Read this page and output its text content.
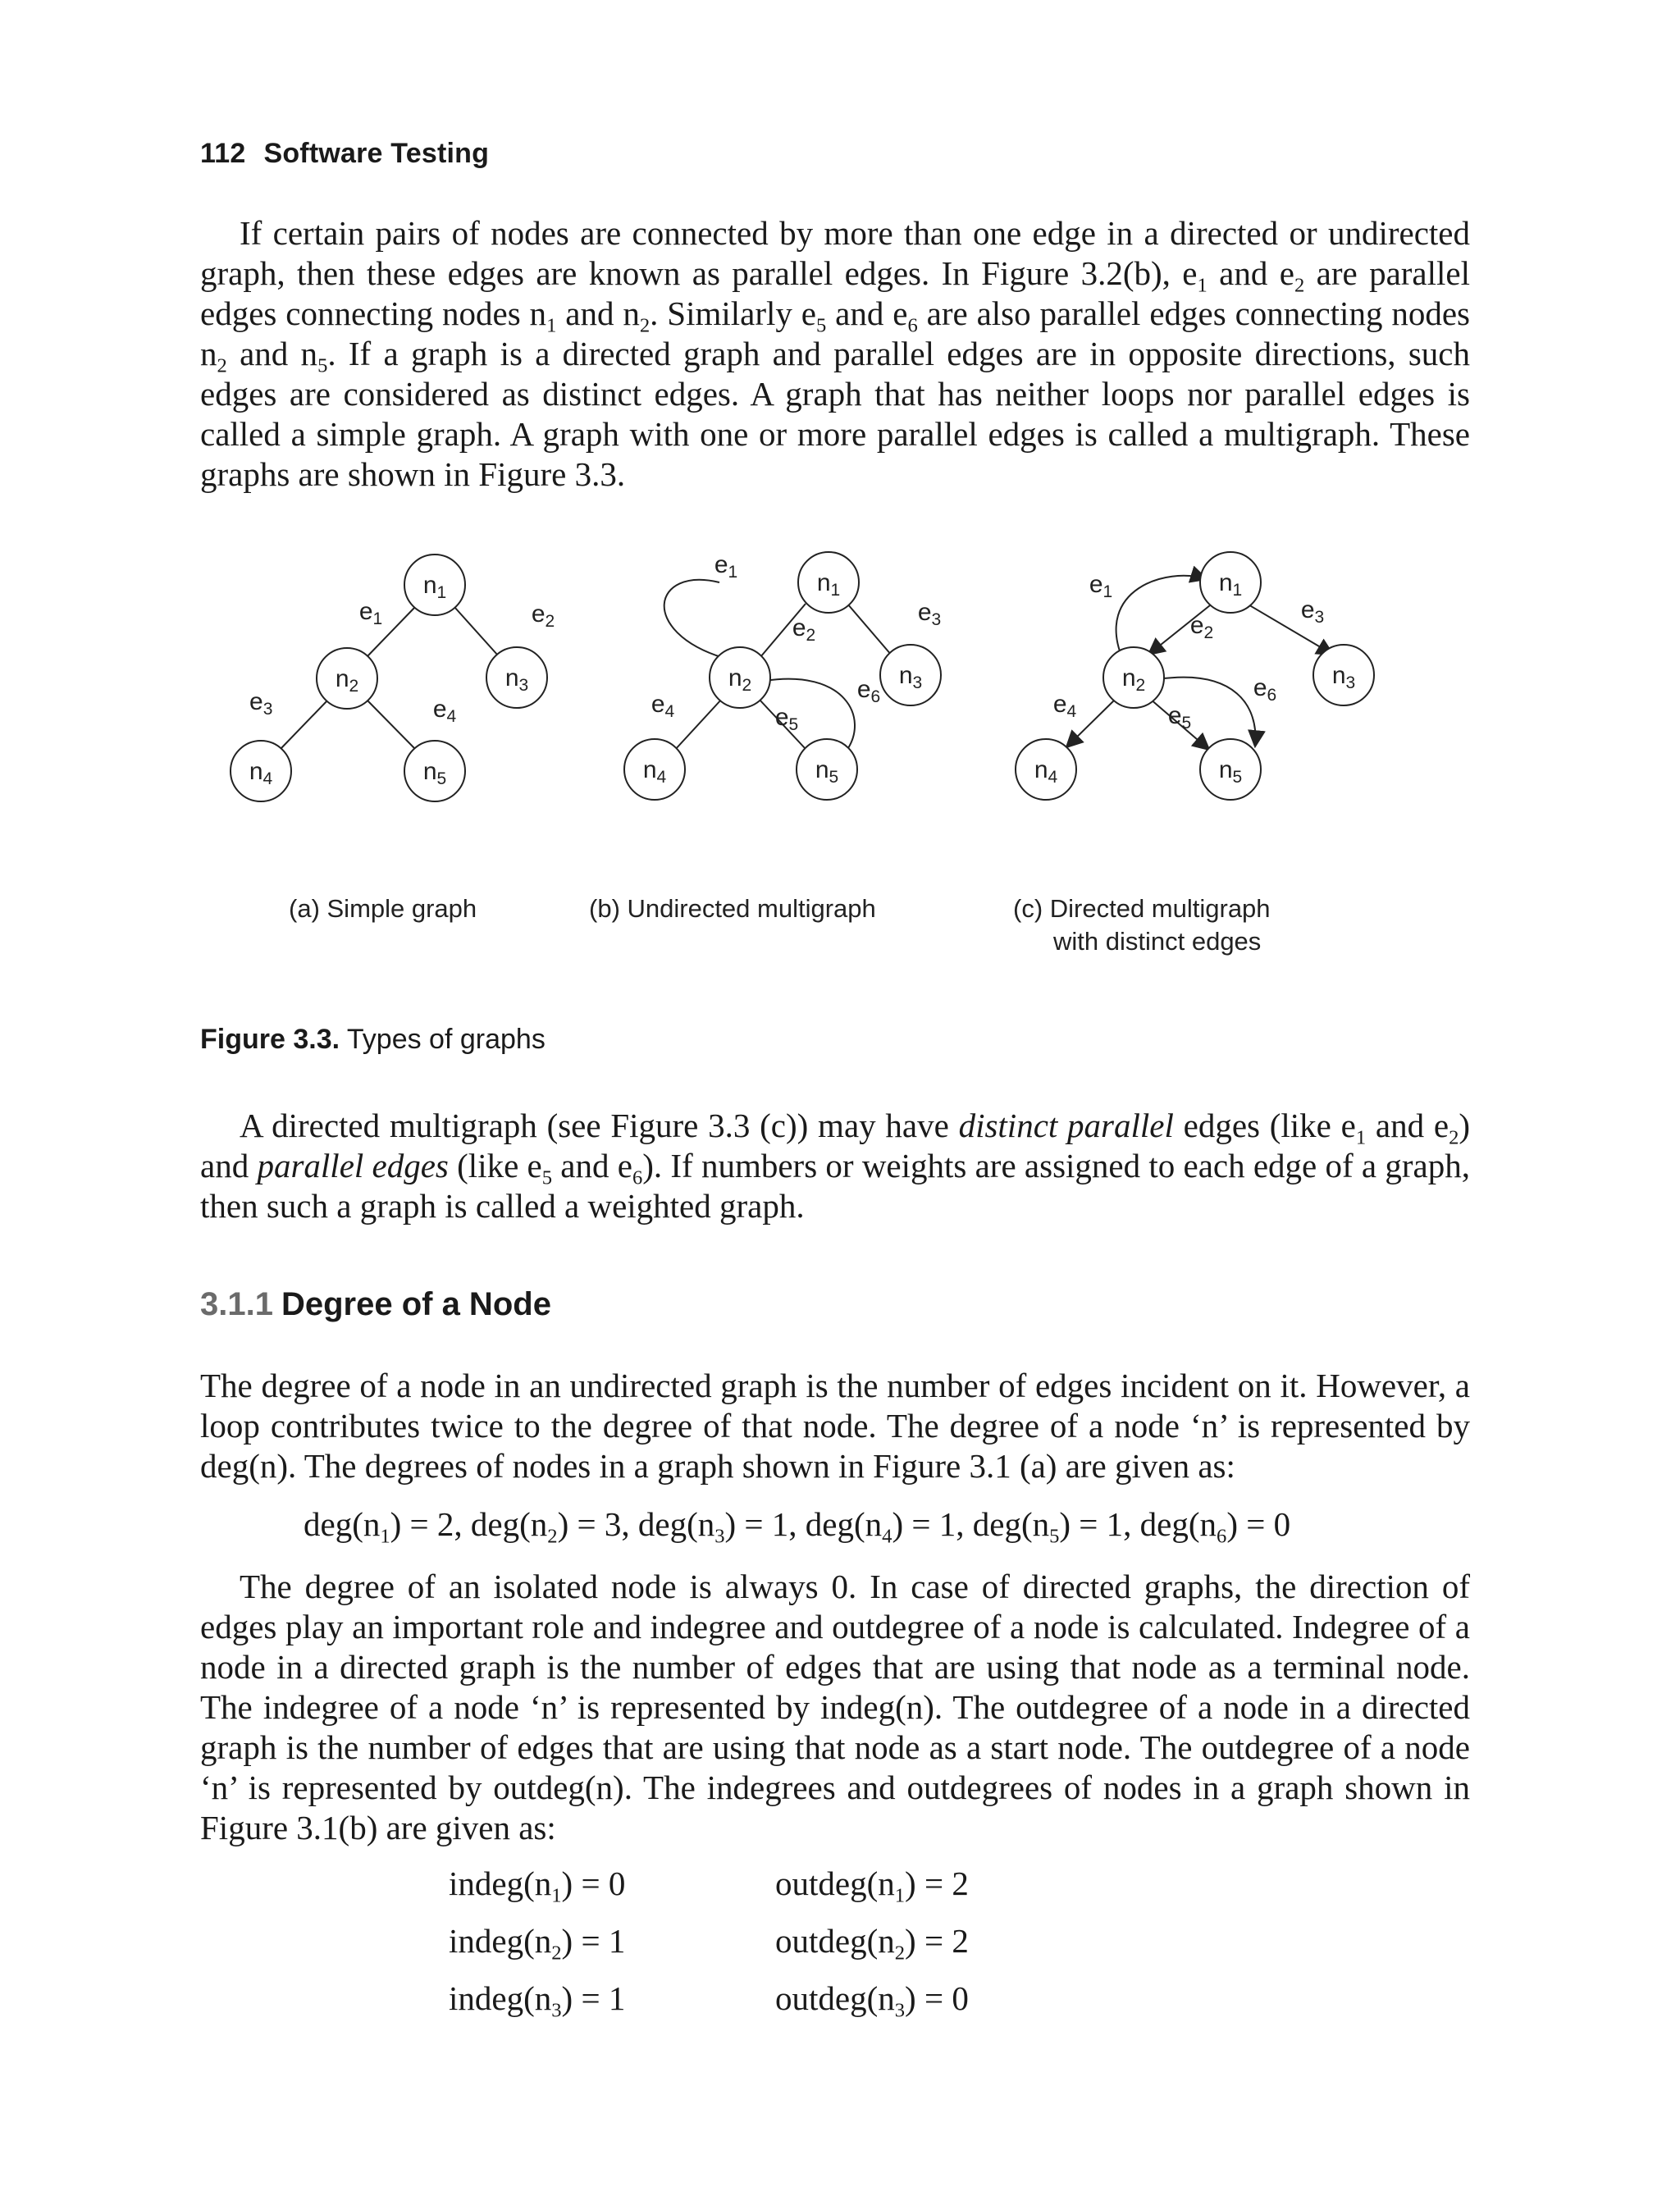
112 Software Testing

If certain pairs of nodes are connected by more than one edge in a directed or undirected graph, then these edges are known as parallel edges. In Figure 3.2(b), $e_1$ and $e_2$ are parallel edges connecting nodes $n_1$ and $n_2$. Similarly $e_5$ and $e_6$ are also parallel edges connecting nodes $n_2$ and $n_5$. If a graph is a directed graph and parallel edges are in opposite directions, such edges are considered as distinct edges. A graph that has neither loops nor parallel edges is called a simple graph. A graph with one or more parallel edges is called a multigraph. These graphs are shown in Figure 3.3.

$n_1$
$n_2$	$n_3$
$n_4$	$n_5$
$e_1$	$e_2$
$e_3$	$e_4$
(a) Simple graph
$n_1$
$n_2$	$n_3$
$n_4$	$n_5$
$e_1$
$e_2$
$e_3$
$e_4$	$e_5$
$e_6$
(b) Undirected multigraph
$n_1$
$n_2$	$n_3$
$n_4$	$n_5$
$e_1$
$e_2$
$e_3$
$e_4$	$e_5$
$e_6$
(c) Directed multigraph
with distinct edges
Figure 3.3. Types of graphs

A directed multigraph (see Figure 3.3 (c)) may have distinct parallel edges (like $e_1$ and $e_2$) and parallel edges (like $e_5$ and $e_6$). If numbers or weights are assigned to each edge of a graph, then such a graph is called a weighted graph.

3.1.1 Degree of a Node

The degree of a node in an undirected graph is the number of edges incident on it. However, a loop contributes twice to the degree of that node. The degree of a node ‘n’ is represented by deg(n). The degrees of nodes in a graph shown in Figure 3.1 (a) are given as:

$deg(n_1) = 2$, $deg(n_2) = 3$, $deg(n_3) = 1$, $deg(n_4) = 1$, $deg(n_5) = 1$, $deg(n_6) = 0$

The degree of an isolated node is always 0. In case of directed graphs, the direction of edges play an important role and indegree and outdegree of a node is calculated. Indegree of a node in a directed graph is the number of edges that are using that node as a terminal node. The indegree of a node ‘n’ is represented by indeg(n). The outdegree of a node in a directed graph is the number of edges that are using that node as a start node. The outdegree of a node ‘n’ is represented by outdeg(n). The indegrees and outdegrees of nodes in a graph shown in Figure 3.1(b) are given as:

$indeg(n_1) = 0$	$outdeg(n_1) = 2$
$indeg(n_2) = 1$	$outdeg(n_2) = 2$
$indeg(n_3) = 1$	$outdeg(n_3) = 0$
